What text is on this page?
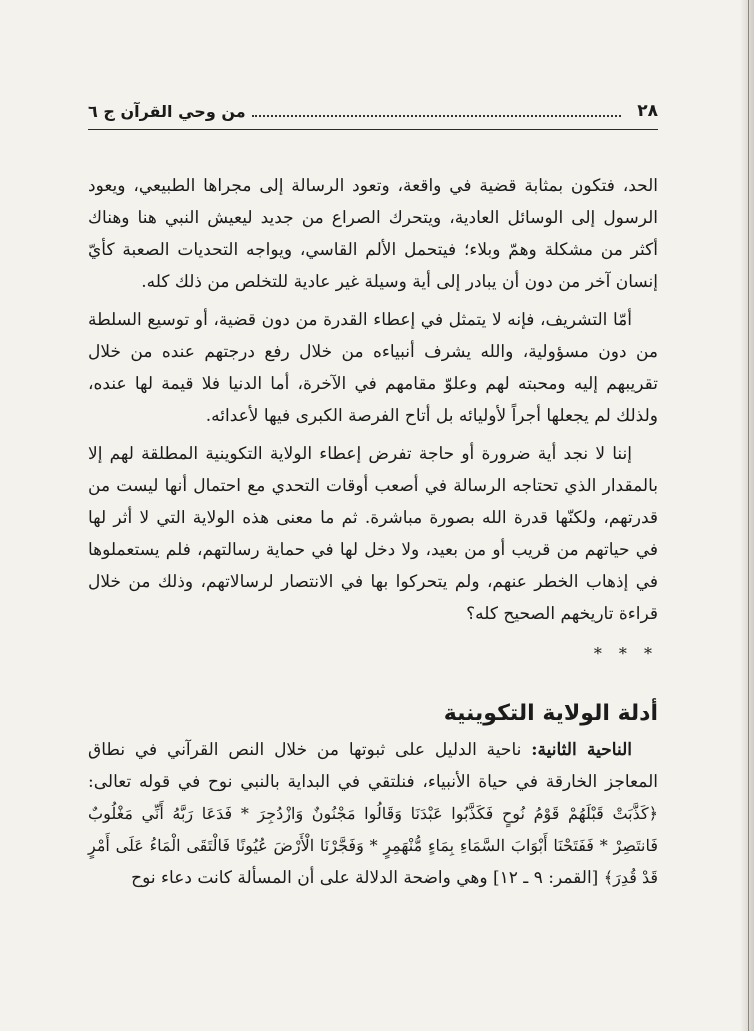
٢٨
من وحي القرآن ج ٦

الحد، فتكون بمثابة قضية في واقعة، وتعود الرسالة إلى مجراها الطبيعي، ويعود الرسول إلى الوسائل العادية، ويتحرك الصراع من جديد ليعيش النبي هنا وهناك أكثر من مشكلة وهمّ وبلاء؛ فيتحمل الألم القاسي، ويواجه التحديات الصعبة كأيّ إنسان آخر من دون أن يبادر إلى أية وسيلة غير عادية للتخلص من ذلك كله.

أمّا التشريف، فإنه لا يتمثل في إعطاء القدرة من دون قضية، أو توسيع السلطة من دون مسؤولية، والله يشرف أنبياءه من خلال رفع درجتهم عنده من خلال تقريبهم إليه ومحبته لهم وعلوّ مقامهم في الآخرة، أما الدنيا فلا قيمة لها عنده، ولذلك لم يجعلها أجراً لأوليائه بل أتاح الفرصة الكبرى فيها لأعدائه.

إننا لا نجد أية ضرورة أو حاجة تفرض إعطاء الولاية التكوينية المطلقة لهم إلا بالمقدار الذي تحتاجه الرسالة في أصعب أوقات التحدي مع احتمال أنها ليست من قدرتهم، ولكنّها قدرة الله بصورة مباشرة. ثم ما معنى هذه الولاية التي لا أثر لها في حياتهم من قريب أو من بعيد، ولا دخل لها في حماية رسالتهم، فلم يستعملوها في إذهاب الخطر عنهم، ولم يتحركوا بها في الانتصار لرسالاتهم، وذلك من خلال قراءة تاريخهم الصحيح كله؟

* * *
أدلة الولاية التكوينية

الناحية الثانية: ناحية الدليل على ثبوتها من خلال النص القرآني في نطاق المعاجز الخارقة في حياة الأنبياء، فنلتقي في البداية بالنبي نوح في قوله تعالى: ﴿كَذَّبَتْ قَبْلَهُمْ قَوْمُ نُوحٍ فَكَذَّبُوا عَبْدَنَا وَقَالُوا مَجْنُونٌ وَازْدُجِرَ * فَدَعَا رَبَّهُ أَنِّي مَغْلُوبٌ فَانتَصِرْ * فَفَتَحْنَا أَبْوَابَ السَّمَاءِ بِمَاءٍ مُّنْهَمِرٍ * وَفَجَّرْنَا الْأَرْضَ عُيُونًا فَالْتَقَى الْمَاءُ عَلَى أَمْرٍ قَدْ قُدِرَ﴾ [القمر: ٩ ـ ١٢] وهي واضحة الدلالة على أن المسألة كانت دعاء نوح
